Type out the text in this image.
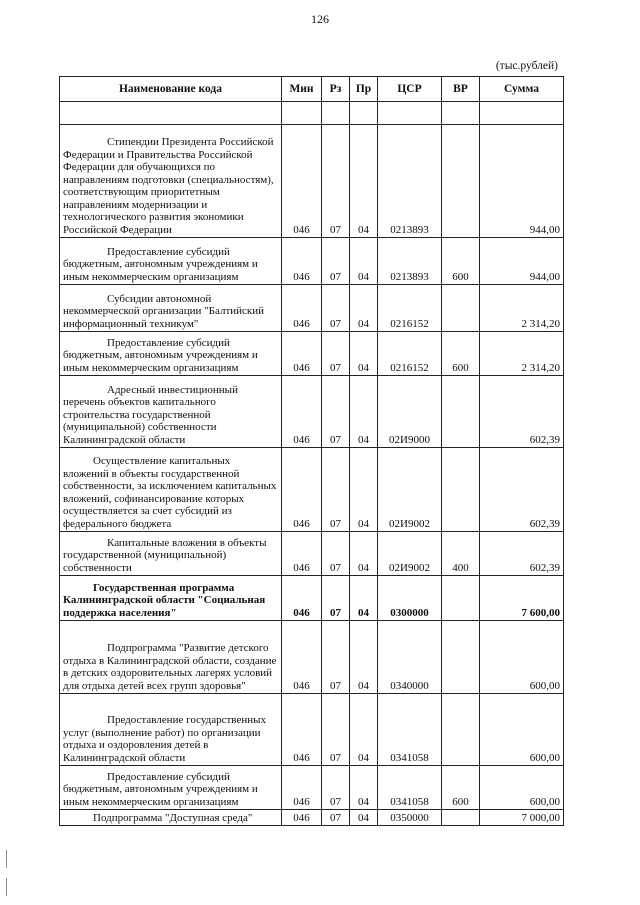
126
(тыс.рублей)
Наименование кода	Мин	Рз	Пр	ЦСР	ВР	Сумма

Стипендии Президента Российской Федерации и Правительства Российской Федерации для обучающихся по направлениям подготовки (специальностям), соответствующим приоритетным направлениям модернизации и технологического развития экономики Российской Федерации	046	07	04	0213893		944,00
Предоставление субсидий бюджетным, автономным учреждениям и иным некоммерческим организациям	046	07	04	0213893	600	944,00
Субсидии автономной некоммерческой организации "Балтийский информационный техникум"	046	07	04	0216152		2 314,20
Предоставление субсидий бюджетным, автономным учреждениям и иным некоммерческим организациям	046	07	04	0216152	600	2 314,20
Адресный инвестиционный перечень объектов капитального строительства государственной (муниципальной) собственности Калининградской области	046	07	04	02И9000		602,39
Осуществление капитальных вложений в объекты государственной собственности, за исключением капитальных вложений, софинансирование которых осуществляется за счет субсидий из федерального бюджета	046	07	04	02И9002		602,39
Капитальные вложения в объекты государственной (муниципальной) собственности	046	07	04	02И9002	400	602,39
Государственная программа Калининградской области "Социальная поддержка населения"	046	07	04	0300000		7 600,00
Подпрограмма "Развитие детского отдыха в Калининградской области, создание в детских оздоровительных лагерях условий для отдыха детей всех групп здоровья"	046	07	04	0340000		600,00
Предоставление государственных услуг (выполнение работ) по организации отдыха и оздоровления детей в Калининградской области	046	07	04	0341058		600,00
Предоставление субсидий бюджетным, автономным учреждениям и иным некоммерческим организациям	046	07	04	0341058	600	600,00
Подпрограмма "Доступная среда"	046	07	04	0350000		7 000,00
